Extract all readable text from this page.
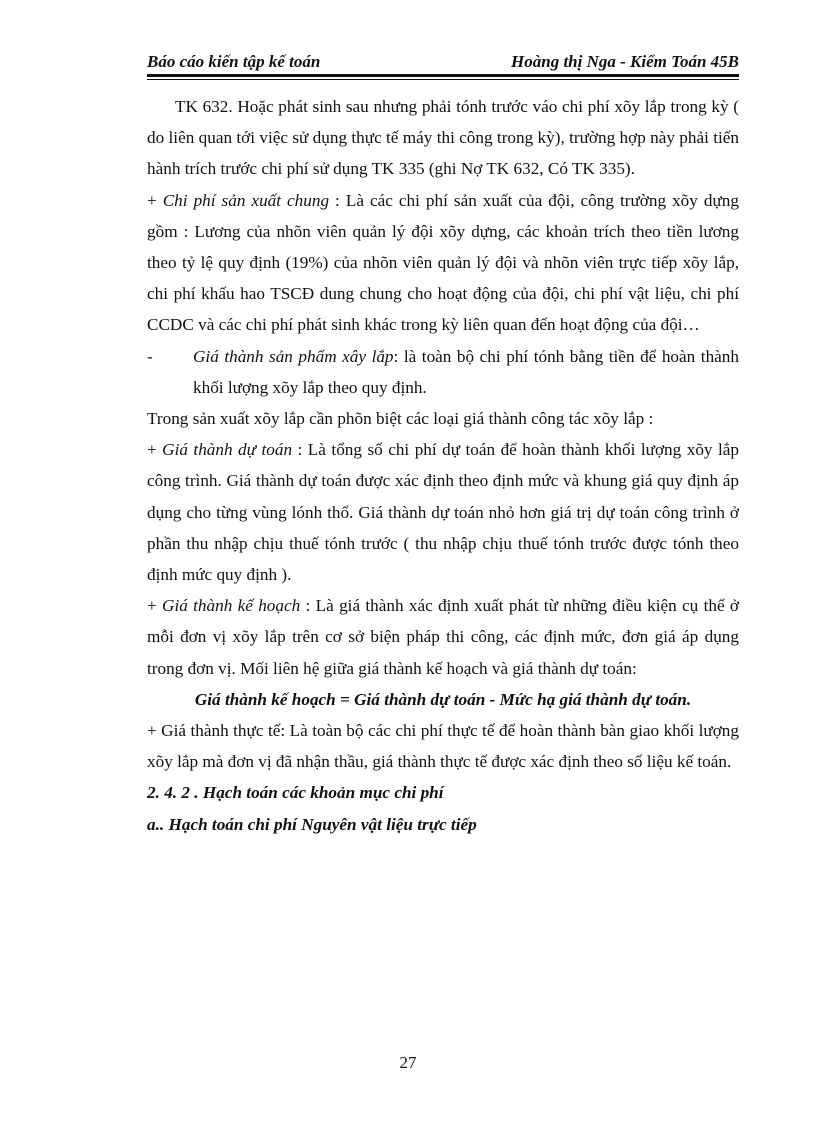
Báo cáo kiến tập kế toán	Hoàng thị Nga - Kiểm Toán 45B

TK 632. Hoặc phát sinh sau nhưng phải tónh trước váo chi phí xõy lắp trong kỳ ( do liên quan tới việc sử dụng thực tế máy thi công trong kỳ), trường hợp này phải tiến hành trích trước chi phí sử dụng TK 335 (ghi Nợ TK 632, Có TK 335).

+ Chi phí sản xuất chung : Là các chi phí sản xuất của đội, công trường xõy dựng gồm : Lương của nhõn viên quản lý đội xõy dựng, các khoản trích theo tiền lương theo tỷ lệ quy định (19%) của nhõn viên quản lý đội và nhõn viên trực tiếp xõy lắp, chi phí khấu hao TSCĐ dung chung cho hoạt động của đội, chi phí vật liệu, chi phí CCDC và các chi phí phát sinh khác trong kỳ liên quan đến hoạt động của đội…

-	Giá thành sản phẩm xây lắp: là toàn bộ chi phí tónh bằng tiền để hoàn thành khối lượng xõy lắp theo quy định.

Trong sản xuất xõy lắp cần phõn biệt các loại giá thành công tác xõy lắp :

+ Giá thành dự toán : Là tổng số chi phí dự toán để hoàn thành khối lượng xõy lắp công trình. Giá thành dự toán được xác định theo định mức và khung giá quy định áp dụng cho từng vùng lónh thổ. Giá thành dự toán nhỏ hơn giá trị dự toán công trình ở phần thu nhập chịu thuế tónh trước ( thu nhập chịu thuế tónh trước được tónh theo định mức quy định ).

+ Giá thành kế hoạch : Là giá thành xác định xuất phát từ những điều kiện cụ thể ở mỗi đơn vị xõy lắp trên cơ sở biện pháp thi công, các định mức, đơn giá áp dụng trong đơn vị. Mối liên hệ giữa giá thành kế hoạch và giá thành dự toán:

Giá thành kế hoạch = Giá thành dự toán - Mức hạ giá thành dự toán.

+ Giá thành thực tế: Là toàn bộ các chi phí thực tế để hoàn thành bàn giao khối lượng xõy lắp mà đơn vị đã nhận thầu, giá thành thực tế được xác định theo số liệu kế toán.

2. 4. 2 . Hạch toán các khoản mục chi phí

a.. Hạch toán chi phí Nguyên vật liệu trực tiếp

27
